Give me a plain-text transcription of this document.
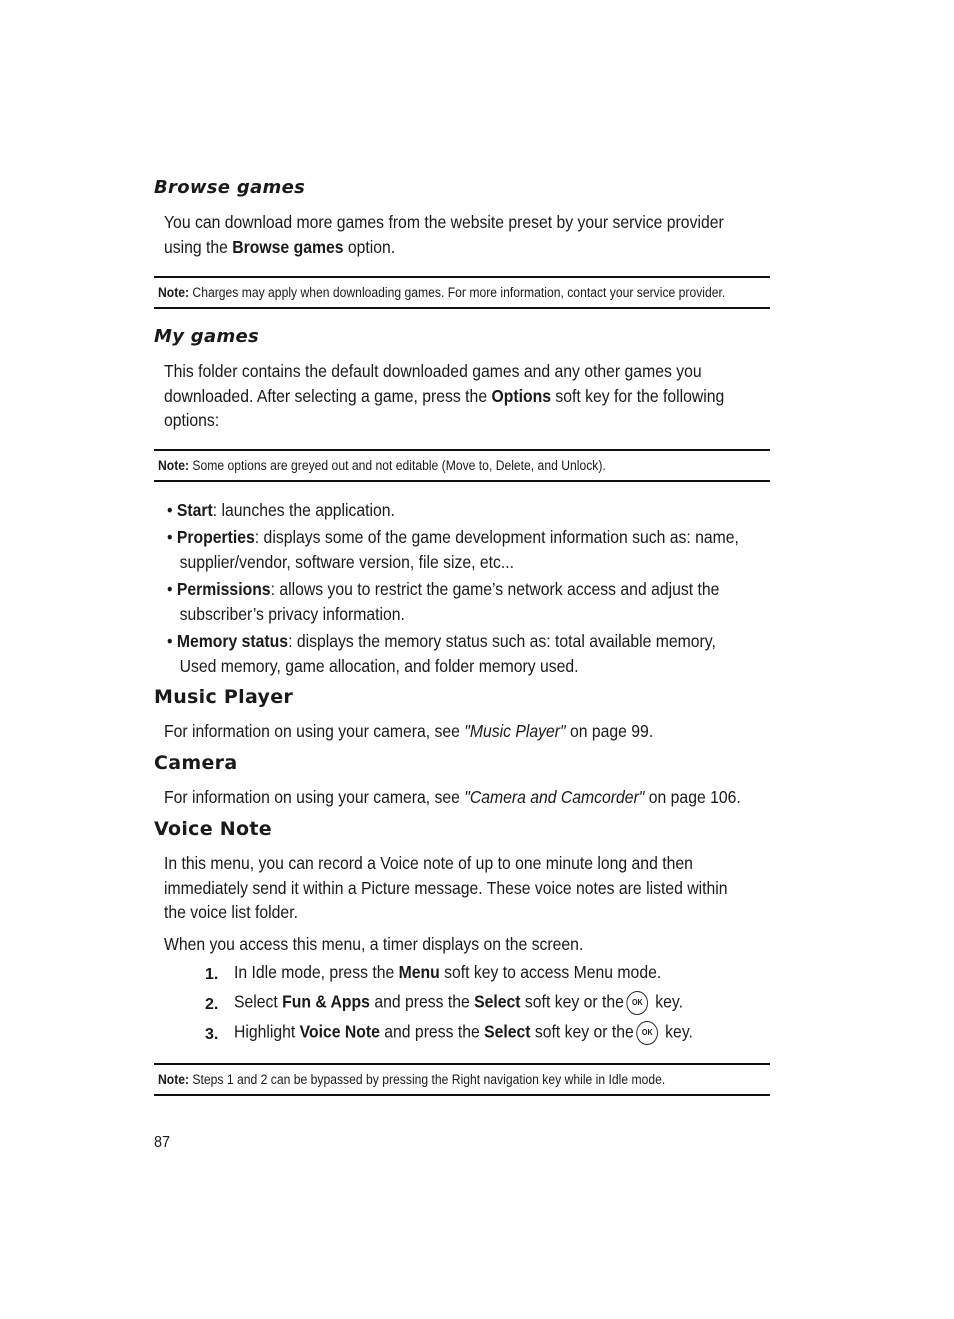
Browse games
You can download more games from the website preset by your service provider
using the Browse games option.
Note: Charges may apply when downloading games. For more information, contact your service provider.
My games
This folder contains the default downloaded games and any other games you
downloaded. After selecting a game, press the Options soft key for the following
options:
Note: Some options are greyed out and not editable (Move to, Delete, and Unlock).
• Start: launches the application.
• Properties: displays some of the game development information such as: name,
supplier/vendor, software version, file size, etc...
• Permissions: allows you to restrict the game’s network access and adjust the
subscriber’s privacy information.
• Memory status: displays the memory status such as: total available memory,
Used memory, game allocation, and folder memory used.
Music Player
For information on using your camera, see "Music Player" on page 99.
Camera
For information on using your camera, see "Camera and Camcorder" on page 106.
Voice Note
In this menu, you can record a Voice note of up to one minute long and then
immediately send it within a Picture message. These voice notes are listed within
the voice list folder.
When you access this menu, a timer displays on the screen.
1. In Idle mode, press the Menu soft key to access Menu mode.
2. Select Fun & Apps and press the Select soft key or the OK key.
3. Highlight Voice Note and press the Select soft key or the OK key.
Note: Steps 1 and 2 can be bypassed by pressing the Right navigation key while in Idle mode.
87
